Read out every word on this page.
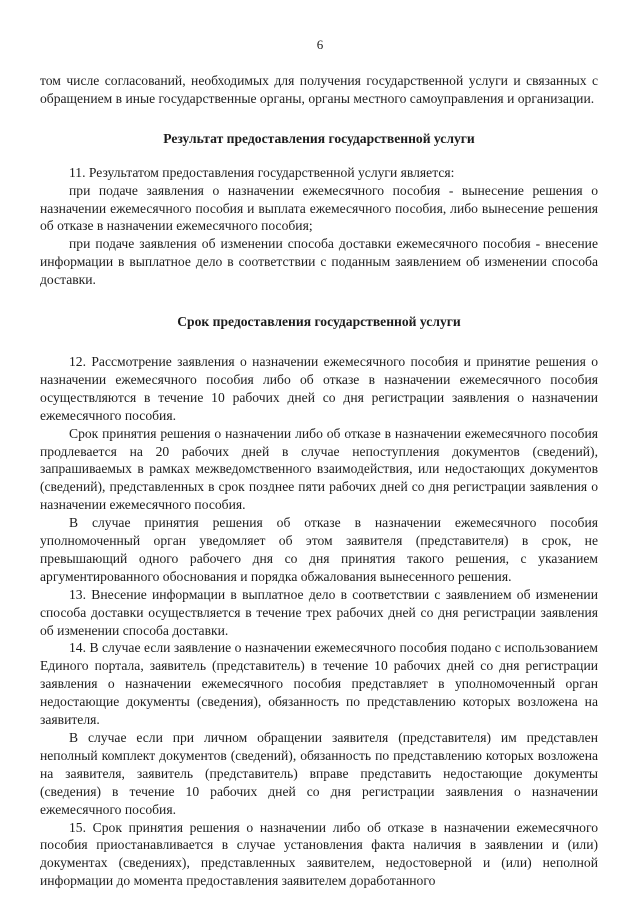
6

том числе согласований, необходимых для получения государственной услуги и связанных с обращением в иные государственные органы, органы местного самоуправления и организации.

Результат предоставления государственной услуги

11. Результатом предоставления государственной услуги является:

при подаче заявления о назначении ежемесячного пособия - вынесение решения о назначении ежемесячного пособия и выплата ежемесячного пособия, либо вынесение решения об отказе в назначении ежемесячного пособия;

при подаче заявления об изменении способа доставки ежемесячного пособия - внесение информации в выплатное дело в соответствии с поданным заявлением об изменении способа доставки.

Срок предоставления государственной услуги

12. Рассмотрение заявления о назначении ежемесячного пособия и принятие решения о назначении ежемесячного пособия либо об отказе в назначении ежемесячного пособия осуществляются в течение 10 рабочих дней со дня регистрации заявления о назначении ежемесячного пособия.

Срок принятия решения о назначении либо об отказе в назначении ежемесячного пособия продлевается на 20 рабочих дней в случае непоступления документов (сведений), запрашиваемых в рамках межведомственного взаимодействия, или недостающих документов (сведений), представленных в срок позднее пяти рабочих дней со дня регистрации заявления о назначении ежемесячного пособия.

В случае принятия решения об отказе в назначении ежемесячного пособия уполномоченный орган уведомляет об этом заявителя (представителя) в срок, не превышающий одного рабочего дня со дня принятия такого решения, с указанием аргументированного обоснования и порядка обжалования вынесенного решения.

13. Внесение информации в выплатное дело в соответствии с заявлением об изменении способа доставки осуществляется в течение трех рабочих дней со дня регистрации заявления об изменении способа доставки.

14. В случае если заявление о назначении ежемесячного пособия подано с использованием Единого портала, заявитель (представитель) в течение 10 рабочих дней со дня регистрации заявления о назначении ежемесячного пособия представляет в уполномоченный орган недостающие документы (сведения), обязанность по представлению которых возложена на заявителя.

В случае если при личном обращении заявителя (представителя) им представлен неполный комплект документов (сведений), обязанность по представлению которых возложена на заявителя, заявитель (представитель) вправе представить недостающие документы (сведения) в течение 10 рабочих дней со дня регистрации заявления о назначении ежемесячного пособия.

15. Срок принятия решения о назначении либо об отказе в назначении ежемесячного пособия приостанавливается в случае установления факта наличия в заявлении и (или) документах (сведениях), представленных заявителем, недостоверной и (или) неполной информации до момента предоставления заявителем доработанного
